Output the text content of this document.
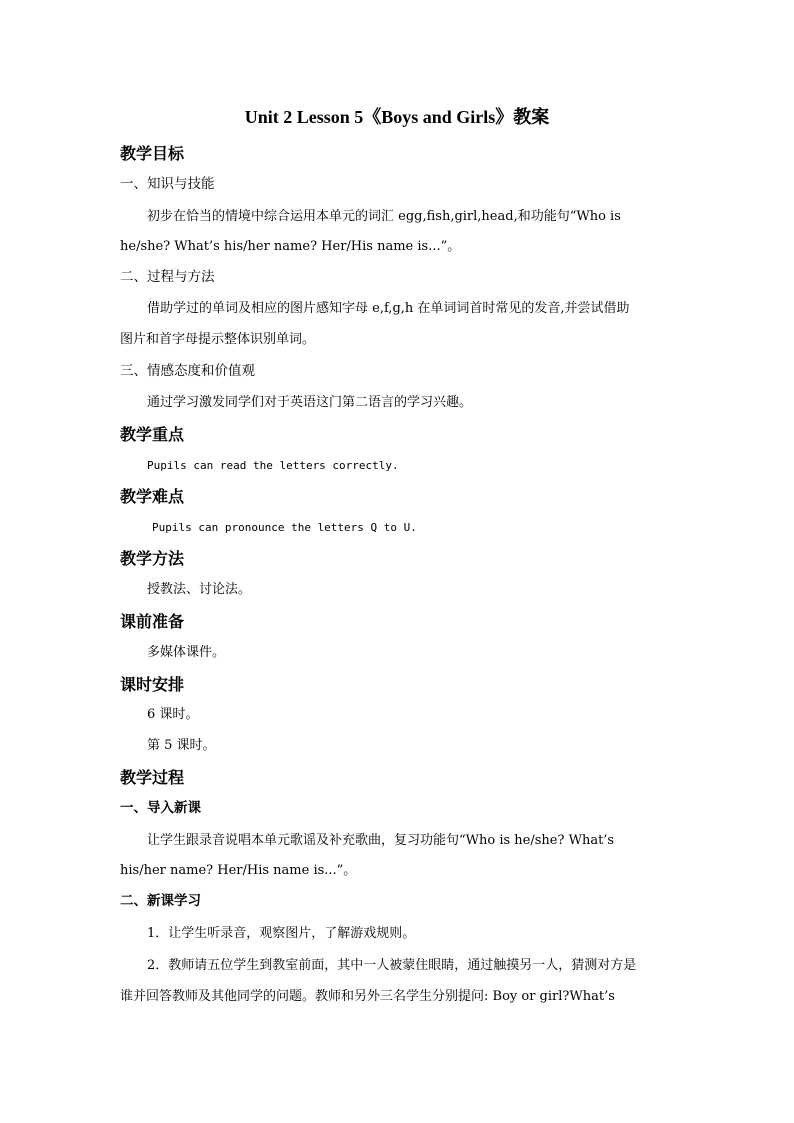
Unit 2 Lesson 5《Boys and Girls》教案
教学目标
一、知识与技能
初步在恰当的情境中综合运用本单元的词汇 egg,fish,girl,head,和功能句“Who is
he/she? What’s his/her name? Her/His name is...”。
二、过程与方法
借助学过的单词及相应的图片感知字母 e,f,g,h 在单词词首时常见的发音,并尝试借助
图片和首字母提示整体识别单词。
三、情感态度和价值观
通过学习激发同学们对于英语这门第二语言的学习兴趣。
教学重点
Pupils can read the letters correctly.
教学难点
Pupils can pronounce the letters Q to U.
教学方法
授教法、讨论法。
课前准备
多媒体课件。
课时安排
6 课时。
第 5 课时。
教学过程
一、导入新课
让学生跟录音说唱本单元歌谣及补充歌曲，复习功能句“Who is he/she? What’s
his/her name? Her/His name is...”。
二、新课学习
1．让学生听录音，观察图片，了解游戏规则。
2．教师请五位学生到教室前面，其中一人被蒙住眼睛，通过触摸另一人，猜测对方是
谁并回答教师及其他同学的问题。教师和另外三名学生分别提问: Boy or girl?What’s
